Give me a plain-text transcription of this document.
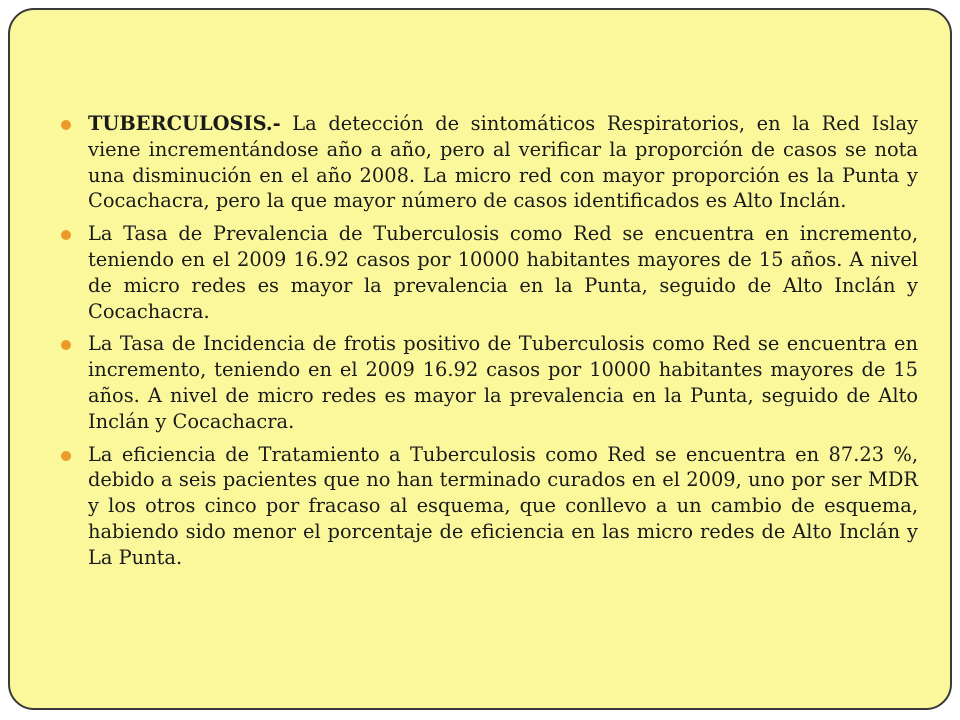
TUBERCULOSIS.- La detección de sintomáticos Respiratorios, en la Red Islay viene incrementándose año a año, pero al verificar la proporción de casos se nota una disminución en el año 2008. La micro red con mayor proporción es la Punta y Cocachacra, pero la que mayor número de casos identificados es Alto Inclán.
La Tasa de Prevalencia de Tuberculosis como Red se encuentra en incremento, teniendo en el 2009 16.92 casos por 10000 habitantes mayores de 15 años. A nivel de micro redes es mayor la prevalencia en la Punta, seguido de Alto Inclán y Cocachacra.
La Tasa de Incidencia de frotis positivo de Tuberculosis como Red se encuentra en incremento, teniendo en el 2009 16.92 casos por 10000 habitantes mayores de 15 años. A nivel de micro redes es mayor la prevalencia en la Punta, seguido de Alto Inclán y Cocachacra.
La eficiencia de Tratamiento a Tuberculosis como Red se encuentra en 87.23 %, debido a seis pacientes que no han terminado curados en el 2009, uno por ser MDR y los otros cinco por fracaso al esquema, que conllevo a un cambio de esquema, habiendo sido menor el porcentaje de eficiencia en las micro redes de Alto Inclán y La Punta.
